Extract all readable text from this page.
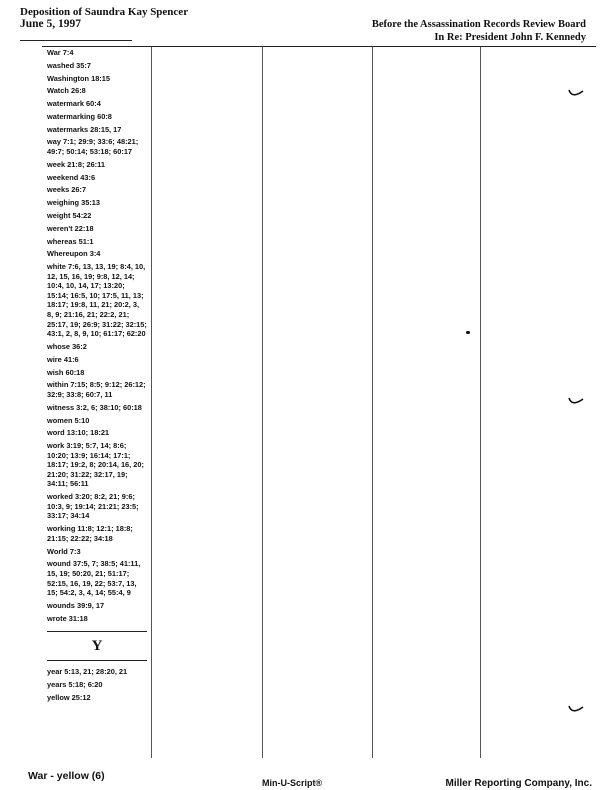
Deposition of Saundra Kay Spencer
June 5, 1997	Before the Assassination Records Review Board
In Re: President John F. Kennedy
War 7:4
washed 35:7
Washington 18:15
Watch 26:8
watermark 60:4
watermarking 60:8
watermarks 28:15, 17
way 7:1; 29:9; 33:6; 48:21; 49:7; 50:14; 53:18; 60:17
week 21:8; 26:11
weekend 43:6
weeks 26:7
weighing 35:13
weight 54:22
weren't 22:18
whereas 51:1
Whereupon 3:4
white 7:6, 13, 13, 19; 8:4, 10, 12, 15, 16, 19; 9:8, 12, 14; 10:4, 10, 14, 17; 13:20; 15:14; 16:5, 10; 17:5, 11, 13; 18:17; 19:8, 11, 21; 20:2, 3, 8, 9; 21:16, 21; 22:2, 21; 25:17, 19; 26:9; 31:22; 32:15; 43:1, 2, 8, 9, 10; 61:17; 62:20
whose 36:2
wire 41:6
wish 60:18
within 7:15; 8:5; 9:12; 26:12; 32:9; 33:8; 60:7, 11
witness 3:2, 6; 38:10; 60:18
women 5:10
word 13:10; 18:21
work 3:19; 5:7, 14; 8:6; 10:20; 13:9; 16:14; 17:1; 18:17; 19:2, 8; 20:14, 16, 20; 21:20; 31:22; 32:17, 19; 34:11; 56:11
worked 3:20; 8:2, 21; 9:6; 10:3, 9; 19:14; 21:21; 23:5; 33:17; 34:14
working 11:8; 12:1; 18:8; 21:15; 22:22; 34:18
World 7:3
wound 37:5, 7; 38:5; 41:11, 15, 19; 50:20, 21; 51:17; 52:15, 16, 19, 22; 53:7, 13, 15; 54:2, 3, 4, 14; 55:4, 9
wounds 39:9, 17
wrote 31:18
Y
year 5:13, 21; 28:20, 21
years 5:18; 6:20
yellow 25:12
War - yellow (6)
Min-U-Script®	Miller Reporting Company, Inc.
